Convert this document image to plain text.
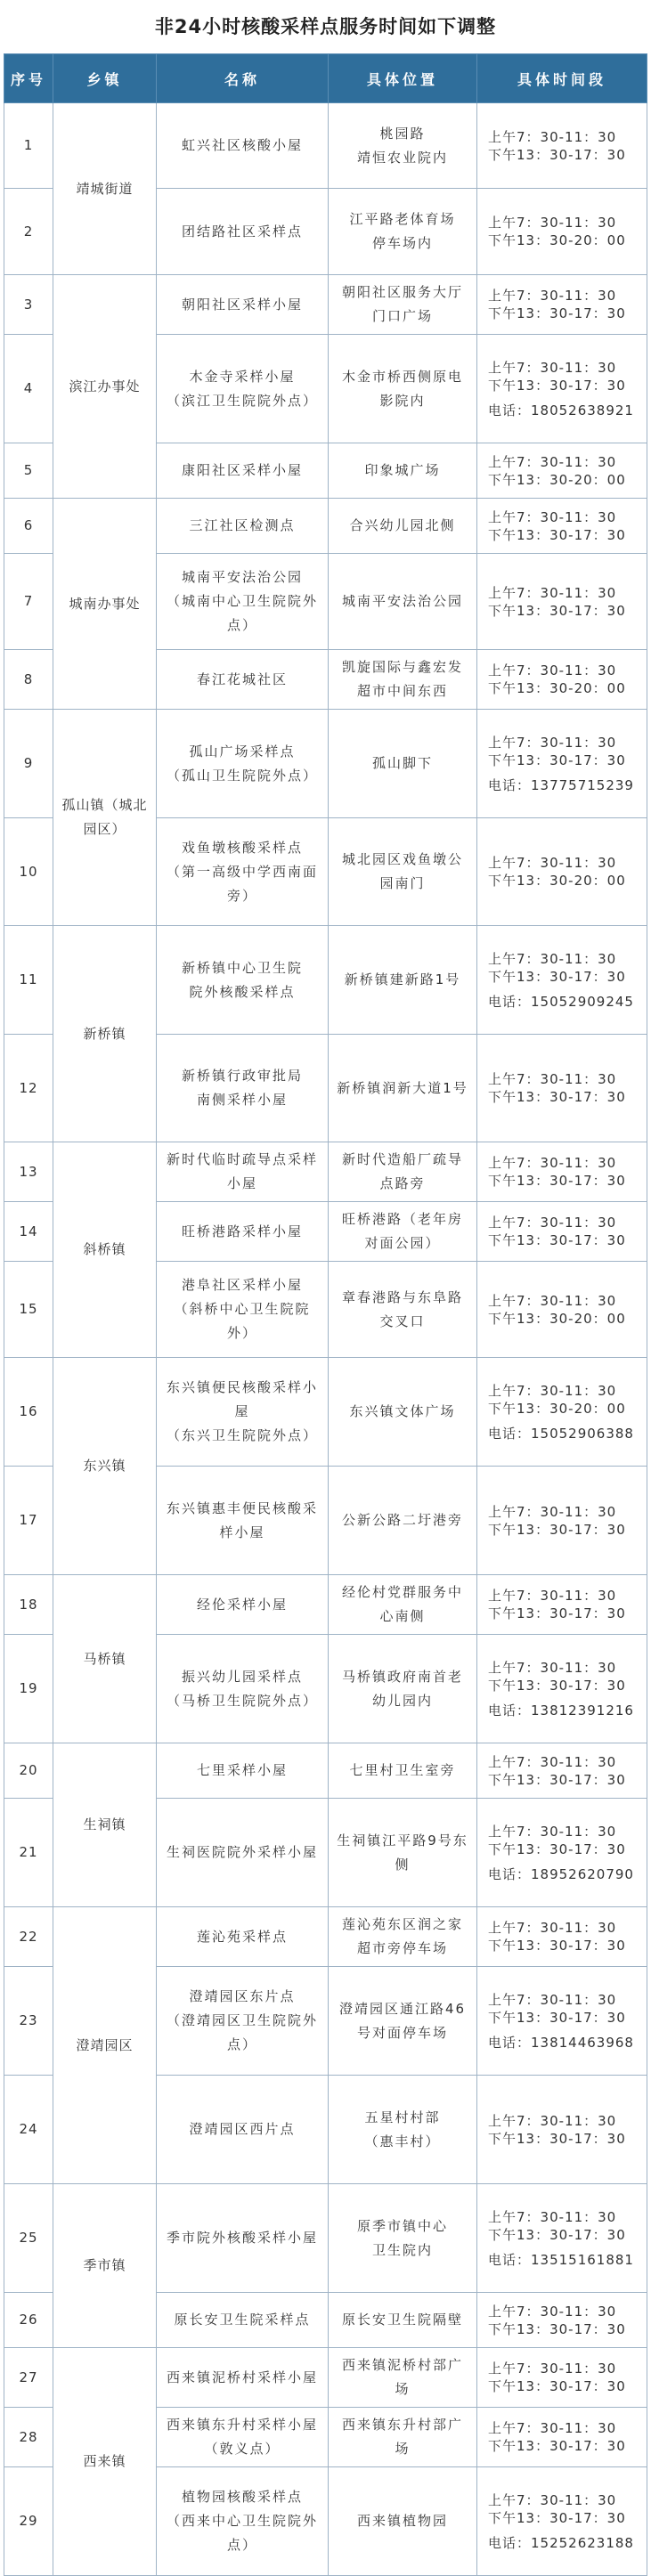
非24小时核酸采样点服务时间如下调整
序号	乡镇	名称	具体位置	具体时间段
1	靖城街道	虹兴社区核酸小屋	桃园路
靖恒农业院内	上午7：30-11：30
下午13：30-17：30

2		团结路社区采样点	江平路老体育场
停车场内	上午7：30-11：30
下午13：30-20：00

3	滨江办事处	朝阳社区采样小屋	朝阳社区服务大厅门口广场	上午7：30-11：30
下午13：30-17：30

4		木金寺采样小屋
（滨江卫生院院外点）	木金市桥西侧原电影院内	上午7：30-11：30
下午13：30-17：30
电话：18052638921

5		康阳社区采样小屋	印象城广场	上午7：30-11：30
下午13：30-20：00

6	城南办事处	三江社区检测点	合兴幼儿园北侧	上午7：30-11：30
下午13：30-17：30

7		城南平安法治公园
（城南中心卫生院院外点）	城南平安法治公园	上午7：30-11：30
下午13：30-17：30

8		春江花城社区	凯旋国际与鑫宏发超市中间东西	上午7：30-11：30
下午13：30-20：00

9	孤山镇（城北园区）	孤山广场采样点
（孤山卫生院院外点）	孤山脚下	上午7：30-11：30
下午13：30-17：30
电话：13775715239

10		戏鱼墩核酸采样点
（第一高级中学西南面旁）	城北园区戏鱼墩公园南门	上午7：30-11：30
下午13：30-20：00

11	新桥镇	新桥镇中心卫生院
院外核酸采样点	新桥镇建新路1号	上午7：30-11：30
下午13：30-17：30
电话：15052909245

12		新桥镇行政审批局
南侧采样小屋	新桥镇润新大道1号	上午7：30-11：30
下午13：30-17：30

13	斜桥镇	新时代临时疏导点采样小屋	新时代造船厂疏导点路旁	上午7：30-11：30
下午13：30-17：30

14		旺桥港路采样小屋	旺桥港路（老年房对面公园）	上午7：30-11：30
下午13：30-17：30

15		港阜社区采样小屋
（斜桥中心卫生院院外）	章春港路与东阜路交叉口	上午7：30-11：30
下午13：30-20：00

16	东兴镇	东兴镇便民核酸采样小屋
（东兴卫生院院外点）	东兴镇文体广场	上午7：30-11：30
下午13：30-20：00
电话：15052906388

17		东兴镇惠丰便民核酸采样小屋	公新公路二圩港旁	上午7：30-11：30
下午13：30-17：30

18	马桥镇	经伦采样小屋	经伦村党群服务中心南侧	上午7：30-11：30
下午13：30-17：30

19		振兴幼儿园采样点
（马桥卫生院院外点）	马桥镇政府南首老幼儿园内	上午7：30-11：30
下午13：30-17：30
电话：13812391216

20	生祠镇	七里采样小屋	七里村卫生室旁	上午7：30-11：30
下午13：30-17：30

21		生祠医院院外采样小屋	生祠镇江平路9号东侧	上午7：30-11：30
下午13：30-17：30
电话：18952620790

22	澄靖园区	莲沁苑采样点	莲沁苑东区润之家超市旁停车场	上午7：30-11：30
下午13：30-17：30

23		澄靖园区东片点
（澄靖园区卫生院院外点）	澄靖园区通江路46号对面停车场	上午7：30-11：30
下午13：30-17：30
电话：13814463968

24		澄靖园区西片点	五星村村部
（惠丰村）	上午7：30-11：30
下午13：30-17：30

25	季市镇	季市院外核酸采样小屋	原季市镇中心
卫生院内	上午7：30-11：30
下午13：30-17：30
电话：13515161881

26		原长安卫生院采样点	原长安卫生院隔壁	上午7：30-11：30
下午13：30-17：30

27	西来镇	西来镇泥桥村采样小屋	西来镇泥桥村部广场	上午7：30-11：30
下午13：30-17：30

28		西来镇东升村采样小屋（敦义点）	西来镇东升村部广场	上午7：30-11：30
下午13：30-17：30

29		植物园核酸采样点
（西来中心卫生院院外点）	西来镇植物园	上午7：30-11：30
下午13：30-17：30
电话：15252623188
